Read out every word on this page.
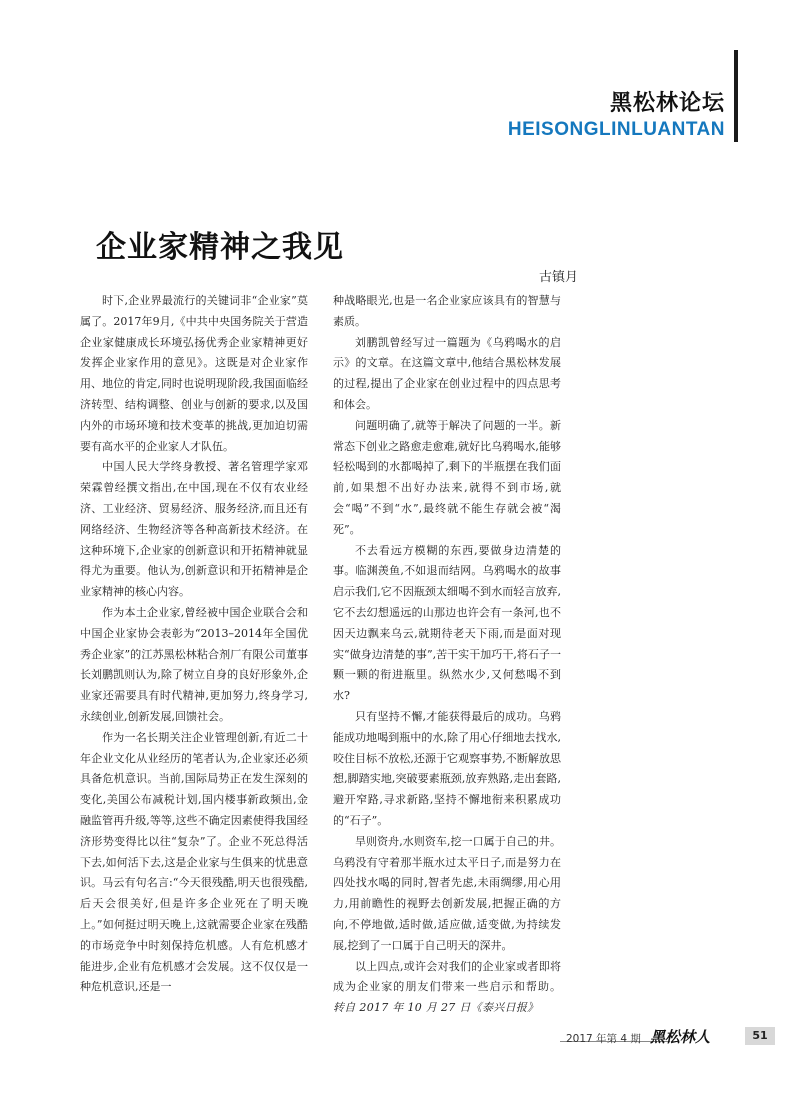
黑松林论坛
HEISONGLINLUANTAN
企业家精神之我见
古镇月

时下,企业界最流行的关键词非“企业家”莫属了。2017年9月,《中共中央国务院关于营造企业家健康成长环境弘扬优秀企业家精神更好发挥企业家作用的意见》。这既是对企业家作用、地位的肯定,同时也说明现阶段,我国面临经济转型、结构调整、创业与创新的要求,以及国内外的市场环境和技术变革的挑战,更加迫切需要有高水平的企业家人才队伍。

中国人民大学终身教授、著名管理学家邓荣霖曾经撰文指出,在中国,现在不仅有农业经济、工业经济、贸易经济、服务经济,而且还有网络经济、生物经济等各种高新技术经济。在这种环境下,企业家的创新意识和开拓精神就显得尤为重要。他认为,创新意识和开拓精神是企业家精神的核心内容。

作为本土企业家,曾经被中国企业联合会和中国企业家协会表彰为“2013–2014年全国优秀企业家”的江苏黑松林粘合剂厂有限公司董事长刘鹏凯则认为,除了树立自身的良好形象外,企业家还需要具有时代精神,更加努力,终身学习,永续创业,创新发展,回馈社会。

作为一名长期关注企业管理创新,有近二十年企业文化从业经历的笔者认为,企业家还必须具备危机意识。当前,国际局势正在发生深刻的变化,美国公布减税计划,国内楼事新政频出,金融监管再升级,等等,这些不确定因素使得我国经济形势变得比以往“复杂”了。企业不死总得活下去,如何活下去,这是企业家与生俱来的忧患意识。马云有句名言:“今天很残酷,明天也很残酷,后天会很美好,但是许多企业死在了明天晚上。”如何挺过明天晚上,这就需要企业家在残酷的市场竞争中时刻保持危机感。人有危机感才能进步,企业有危机感才会发展。这不仅仅是一种危机意识,还是一

种战略眼光,也是一名企业家应该具有的智慧与素质。

刘鹏凯曾经写过一篇题为《乌鸦喝水的启示》的文章。在这篇文章中,他结合黑松林发展的过程,提出了企业家在创业过程中的四点思考和体会。

问题明确了,就等于解决了问题的一半。新常态下创业之路愈走愈难,就好比乌鸦喝水,能够轻松喝到的水都喝掉了,剩下的半瓶摆在我们面前,如果想不出好办法来,就得不到市场,就会“喝”不到“水”,最终就不能生存就会被“渴死”。

不去看远方模糊的东西,要做身边清楚的事。临渊羡鱼,不如退而结网。乌鸦喝水的故事启示我们,它不因瓶颈太细喝不到水而轻言放弃,它不去幻想遥远的山那边也许会有一条河,也不因天边飘来乌云,就期待老天下雨,而是面对现实“做身边清楚的事”,苦干实干加巧干,将石子一颗一颗的衔进瓶里。纵然水少,又何愁喝不到水?

只有坚持不懈,才能获得最后的成功。乌鸦能成功地喝到瓶中的水,除了用心仔细地去找水,咬住目标不放松,还源于它观察事势,不断解放思想,脚踏实地,突破要素瓶颈,放弃熟路,走出套路,避开窄路,寻求新路,坚持不懈地衔来积累成功的“石子”。

旱则资舟,水则资车,挖一口属于自己的井。乌鸦没有守着那半瓶水过太平日子,而是努力在四处找水喝的同时,智者先虑,未雨绸缪,用心用力,用前瞻性的视野去创新发展,把握正确的方向,不停地做,适时做,适应做,适变做,为持续发展,挖到了一口属于自己明天的深井。

以上四点,或许会对我们的企业家或者即将成为企业家的朋友们带来一些启示和帮助。转自 2017 年 10 月 27 日《泰兴日报》

2017 年第 4 期 黑松林人	51
